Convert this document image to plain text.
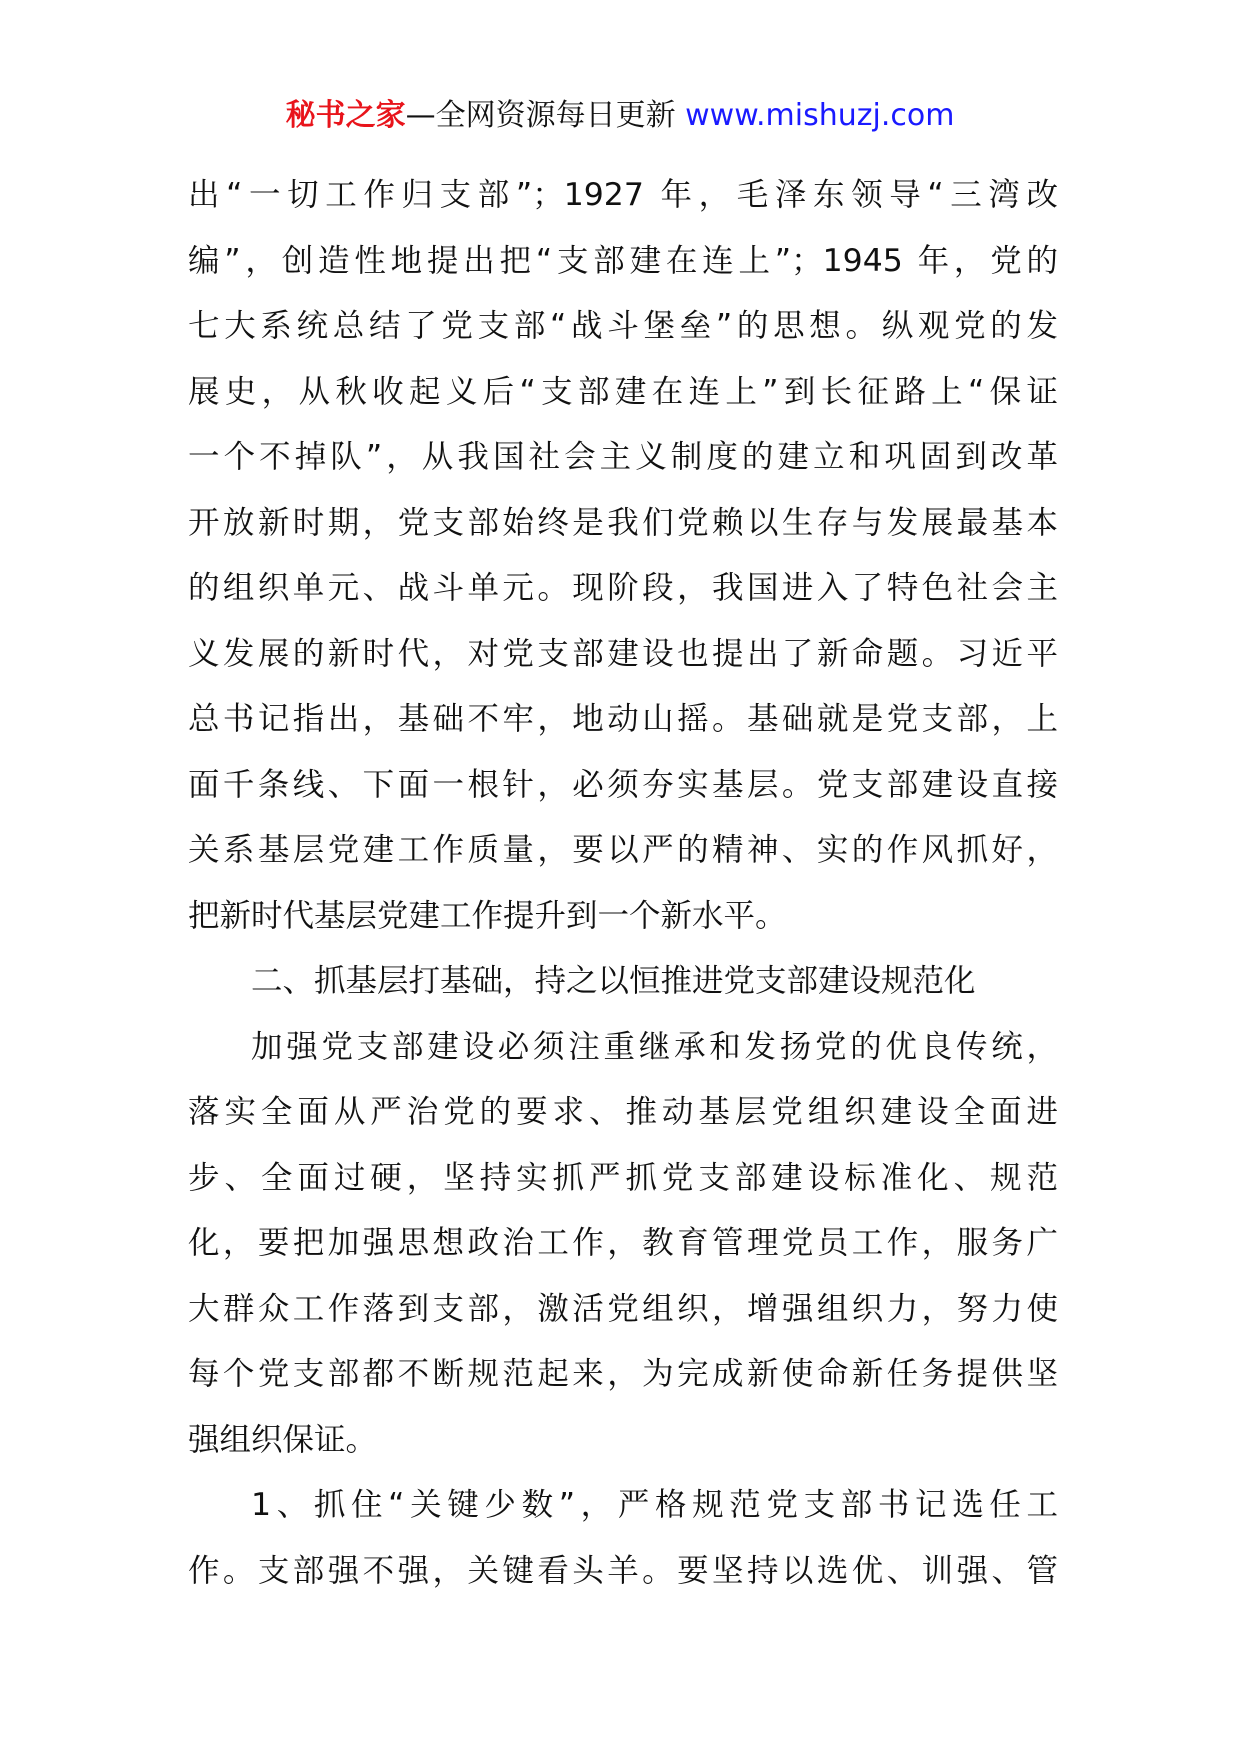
秘书之家—全网资源每日更新 www.mishuzj.com
出“一切工作归支部”；1927 年，毛泽东领导“三湾改
编”，创造性地提出把“支部建在连上”；1945 年，党的
七大系统总结了党支部“战斗堡垒”的思想。纵观党的发
展史，从秋收起义后“支部建在连上”到长征路上“保证
一个不掉队”，从我国社会主义制度的建立和巩固到改革
开放新时期，党支部始终是我们党赖以生存与发展最基本
的组织单元、战斗单元。现阶段，我国进入了特色社会主
义发展的新时代，对党支部建设也提出了新命题。习近平
总书记指出，基础不牢，地动山摇。基础就是党支部，上
面千条线、下面一根针，必须夯实基层。党支部建设直接
关系基层党建工作质量，要以严的精神、实的作风抓好，
把新时代基层党建工作提升到一个新水平。
二、抓基层打基础，持之以恒推进党支部建设规范化
加强党支部建设必须注重继承和发扬党的优良传统，
落实全面从严治党的要求、推动基层党组织建设全面进
步、全面过硬，坚持实抓严抓党支部建设标准化、规范
化，要把加强思想政治工作，教育管理党员工作，服务广
大群众工作落到支部，激活党组织，增强组织力，努力使
每个党支部都不断规范起来，为完成新使命新任务提供坚
强组织保证。
1、抓住“关键少数”，严格规范党支部书记选任工
作。支部强不强，关键看头羊。要坚持以选优、训强、管
